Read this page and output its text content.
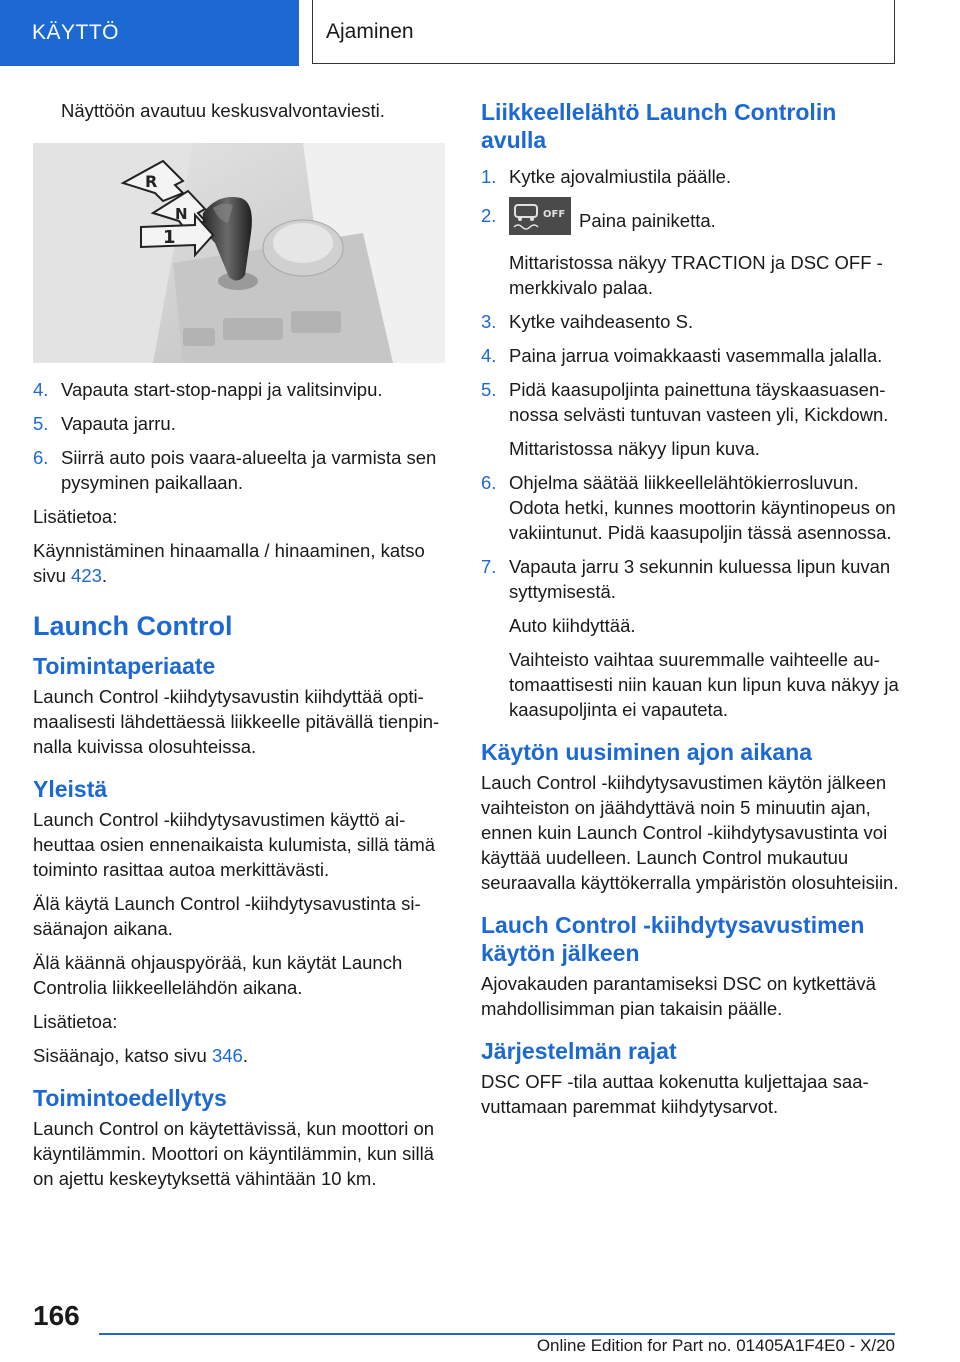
KÄYTTÖ	Ajaminen

Näyttöön avautuu keskusvalvontaviesti.

R
N
1
4. Vapauta start-stop-nappi ja valitsinvipu.
5. Vapauta jarru.
6. Siirrä auto pois vaara-alueelta ja varmista sen pysyminen paikallaan.

Lisätietoa:

Käynnistäminen hinaamalla / hinaaminen, katso sivu 423.

Launch Control
Toimintaperiaate

Launch Control -kiihdytysavustin kiihdyttää optimaalisesti lähdettäessä liikkeelle pitävällä tienpinnalla kuivissa olosuhteissa.

Yleistä

Launch Control -kiihdytysavustimen käyttö aiheuttaa osien ennenaikaista kulumista, sillä tämä toiminto rasittaa autoa merkittävästi.

Älä käytä Launch Control -kiihdytysavustinta sisäänajon aikana.

Älä käännä ohjauspyörää, kun käytät Launch Controlia liikkeellelähdön aikana.

Lisätietoa:

Sisäänajo, katso sivu 346.

Toimintoedellytys

Launch Control on käytettävissä, kun moottori on käyntilämmin. Moottori on käyntilämmin, kun sillä on ajettu keskeytyksettä vähintään 10 km.

Liikkeellelähtö Launch Controlin avulla
1. Kytke ajovalmiustila päälle.

2.	OFF Paina painiketta.

Mittaristossa näkyy TRACTION ja DSC OFF -merkkivalo palaa.

3. Kytke vaihdeasento S.

4. Paina jarrua voimakkaasti vasemmalla jalalla.

5. Pidä kaasupoljinta painettuna täyskaasuasennossa selvästi tuntuvan vasteen yli, Kickdown.

Mittaristossa näkyy lipun kuva.

6. Ohjelma säätää liikkeellelähtökierrosluvun. Odota hetki, kunnes moottorin käyntinopeus on vakiintunut. Pidä kaasupoljin tässä asennossa.

7. Vapauta jarru 3 sekunnin kuluessa lipun kuvan syttymisestä.

Auto kiihdyttää.

Vaihteisto vaihtaa suuremmalle vaihteelle automaattisesti niin kauan kun lipun kuva näkyy ja kaasupoljinta ei vapauteta.

Käytön uusiminen ajon aikana

Lauch Control -kiihdytysavustimen käytön jälkeen vaihteiston on jäähdyttävä noin 5 minuutin ajan, ennen kuin Launch Control -kiihdytysavustinta voi käyttää uudelleen. Launch Control mukautuu seuraavalla käyttökerralla ympäristön olosuhteisiin.

Lauch Control -kiihdytysavustimen käytön jälkeen

Ajovakauden parantamiseksi DSC on kytkettävä mahdollisimman pian takaisin päälle.

Järjestelmän rajat

DSC OFF -tila auttaa kokenutta kuljettajaa saavuttamaan paremmat kiihdytysarvot.

166
Online Edition for Part no. 01405A1F4E0 - X/20
